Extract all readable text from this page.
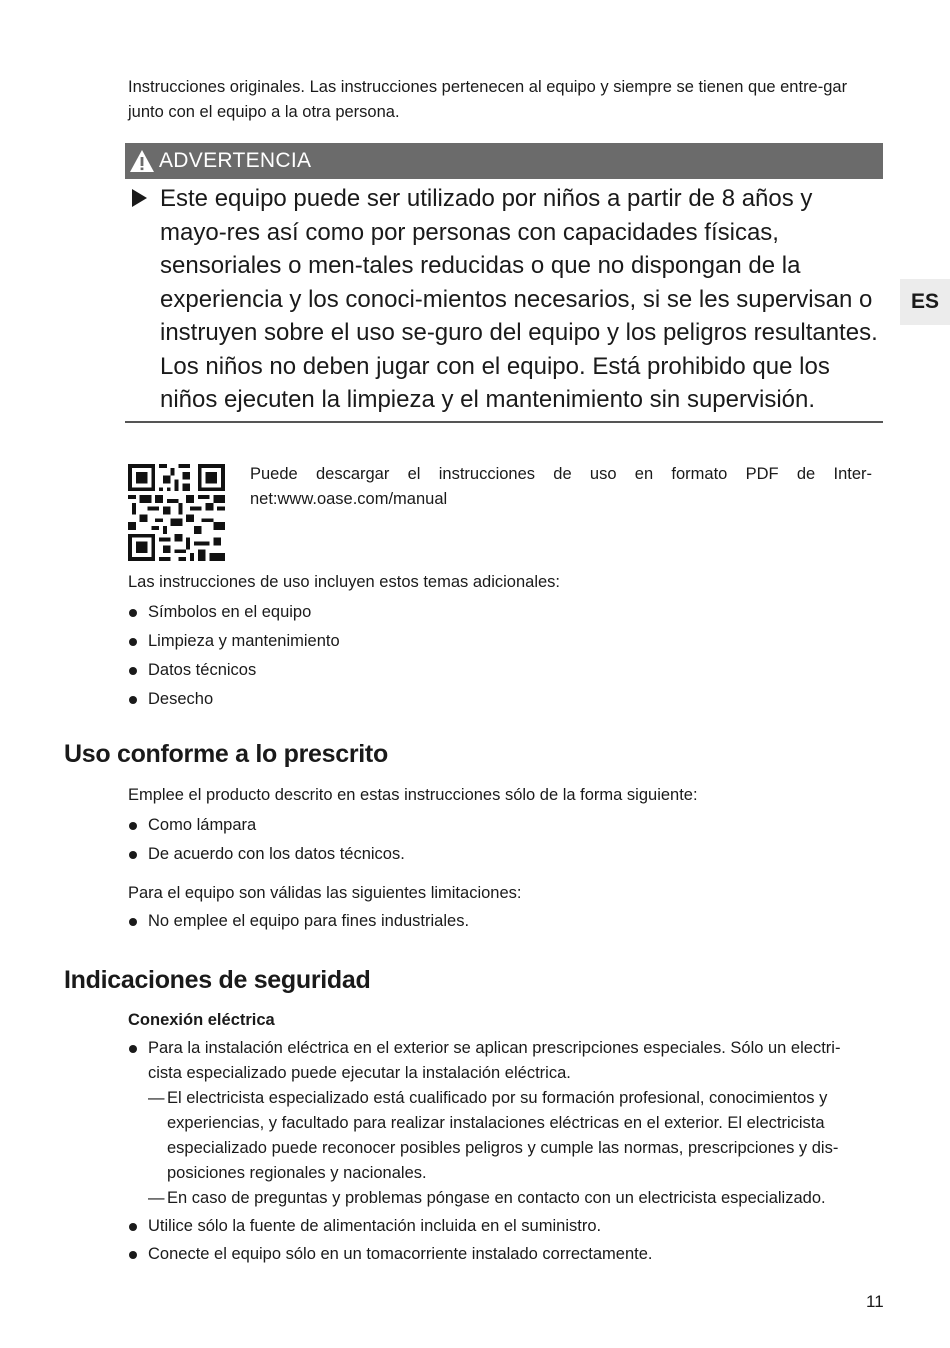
Instrucciones originales. Las instrucciones pertenecen al equipo y siempre se tienen que entre-gar junto con el equipo a la otra persona.

ADVERTENCIA

Este equipo puede ser utilizado por niños a partir de 8 años y mayo-res así como por personas con capacidades físicas, sensoriales o men-tales reducidas o que no dispongan de la experiencia y los conoci-mientos necesarios, si se les supervisan o instruyen sobre el uso se-guro del equipo y los peligros resultantes. Los niños no deben jugar con el equipo. Está prohibido que los niños ejecuten la limpieza y el mantenimiento sin supervisión.

ES

Puede descargar el instrucciones de uso en formato PDF de Inter-net:www.oase.com/manual

Las instrucciones de uso incluyen estos temas adicionales:

Símbolos en el equipo
Limpieza y mantenimiento
Datos técnicos
Desecho
Uso conforme a lo prescrito

Emplee el producto descrito en estas instrucciones sólo de la forma siguiente:

Como lámpara
De acuerdo con los datos técnicos.

Para el equipo son válidas las siguientes limitaciones:

No emplee el equipo para fines industriales.
Indicaciones de seguridad
Conexión eléctrica
Para la instalación eléctrica en el exterior se aplican prescripciones especiales. Sólo un electri-cista especializado puede ejecutar la instalación eléctrica.
— El electricista especializado está cualificado por su formación profesional, conocimientos y experiencias, y facultado para realizar instalaciones eléctricas en el exterior. El electricista especializado puede reconocer posibles peligros y cumple las normas, prescripciones y dis-posiciones regionales y nacionales.
— En caso de preguntas y problemas póngase en contacto con un electricista especializado.
Utilice sólo la fuente de alimentación incluida en el suministro.
Conecte el equipo sólo en un tomacorriente instalado correctamente.
11
